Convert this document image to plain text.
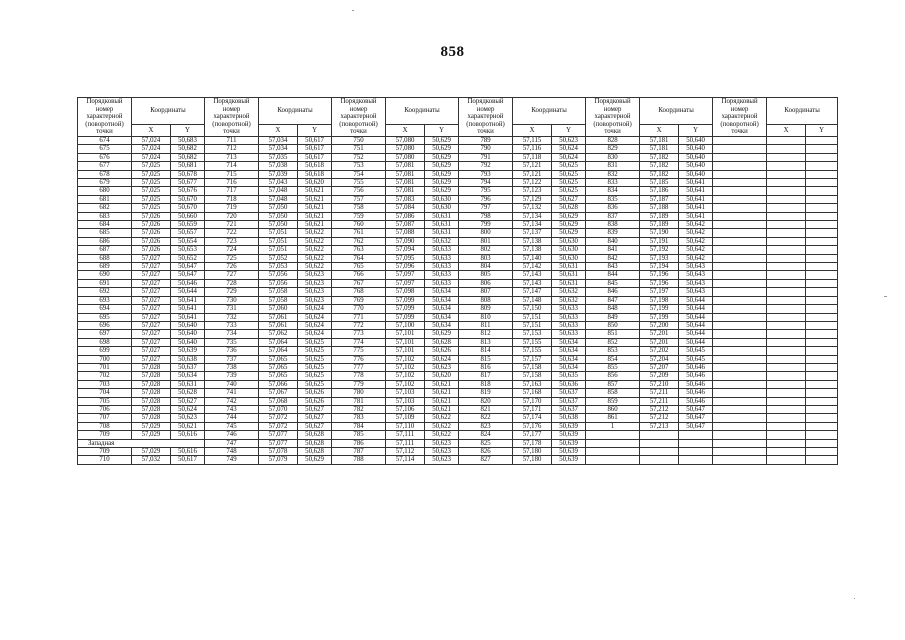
858
Порядковый номер характерной (поворотной) точки	Координаты		Порядковый номер характерной (поворотной) точки	Координаты		Порядковый номер характерной (поворотной) точки	Координаты		Порядковый номер характерной (поворотной) точки	Координаты		Порядковый номер характерной (поворотной) точки	Координаты		Порядковый номер характерной (поворотной) точки	Координаты	
	X	Y		X	Y		X	Y		X	Y		X	Y		X	Y
674	57,024	50,683	711	57,034	50,617	750	57,080	50,629	789	57,115	50,623	828	57,181	50,640			
675	57,024	50,682	712	57,034	50,617	751	57,080	50,629	790	57,116	50,624	829	57,181	50,640			
676	57,024	50,682	713	57,035	50,617	752	57,080	50,629	791	57,118	50,624	830	57,182	50,640			
677	57,025	50,681	714	57,038	50,618	753	57,081	50,629	792	57,121	50,625	831	57,182	50,640			
678	57,025	50,678	715	57,039	50,618	754	57,081	50,629	793	57,121	50,625	832	57,182	50,640			
679	57,025	50,677	716	57,043	50,620	755	57,081	50,629	794	57,122	50,625	833	57,185	50,641			
680	57,025	50,676	717	57,048	50,621	756	57,081	50,629	795	57,123	50,625	834	57,186	50,641			
681	57,025	50,670	718	57,048	50,621	757	57,083	50,630	796	57,129	50,627	835	57,187	50,641			
682	57,025	50,670	719	57,050	50,621	758	57,084	50,630	797	57,132	50,628	836	57,188	50,641			
683	57,026	50,660	720	57,050	50,621	759	57,086	50,631	798	57,134	50,629	837	57,189	50,641			
684	57,026	50,659	721	57,050	50,621	760	57,087	50,631	799	57,134	50,629	838	57,189	50,642			
685	57,026	50,657	722	57,051	50,622	761	57,088	50,631	800	57,137	50,629	839	57,190	50,642			
686	57,026	50,654	723	57,051	50,622	762	57,090	50,632	801	57,138	50,630	840	57,191	50,642			
687	57,026	50,653	724	57,051	50,622	763	57,094	50,633	802	57,138	50,630	841	57,192	50,642			
688	57,027	50,652	725	57,052	50,622	764	57,095	50,633	803	57,140	50,630	842	57,193	50,642			
689	57,027	50,647	726	57,053	50,622	765	57,096	50,633	804	57,142	50,631	843	57,194	50,643			
690	57,027	50,647	727	57,056	50,623	766	57,097	50,633	805	57,143	50,631	844	57,196	50,643			
691	57,027	50,646	728	57,056	50,623	767	57,097	50,633	806	57,143	50,631	845	57,196	50,643			
692	57,027	50,644	729	57,058	50,623	768	57,098	50,634	807	57,147	50,632	846	57,197	50,643			
693	57,027	50,641	730	57,058	50,623	769	57,099	50,634	808	57,148	50,632	847	57,198	50,644			
694	57,027	50,641	731	57,060	50,624	770	57,099	50,634	809	57,150	50,633	848	57,199	50,644			
695	57,027	50,641	732	57,061	50,624	771	57,099	50,634	810	57,151	50,633	849	57,199	50,644			
696	57,027	50,640	733	57,061	50,624	772	57,100	50,634	811	57,151	50,633	850	57,200	50,644			
697	57,027	50,640	734	57,062	50,624	773	57,101	50,629	812	57,153	50,633	851	57,201	50,644			
698	57,027	50,640	735	57,064	50,625	774	57,101	50,628	813	57,155	50,634	852	57,201	50,644			
699	57,027	50,639	736	57,064	50,625	775	57,101	50,626	814	57,155	50,634	853	57,202	50,645			
700	57,027	50,638	737	57,065	50,625	776	57,102	50,624	815	57,157	50,634	854	57,204	50,645			
701	57,028	50,637	738	57,065	50,625	777	57,102	50,623	816	57,158	50,634	855	57,207	50,646			
702	57,028	50,634	739	57,065	50,625	778	57,102	50,620	817	57,158	50,635	856	57,209	50,646			
703	57,028	50,631	740	57,066	50,625	779	57,102	50,621	818	57,163	50,636	857	57,210	50,646			
704	57,028	50,628	741	57,067	50,626	780	57,103	50,621	819	57,168	50,637	858	57,211	50,646			
705	57,028	50,627	742	57,068	50,626	781	57,103	50,621	820	57,170	50,637	859	57,211	50,646			
706	57,028	50,624	743	57,070	50,627	782	57,106	50,621	821	57,171	50,637	860	57,212	50,647			
707	57,028	50,623	744	57,072	50,627	783	57,109	50,622	822	57,174	50,638	861	57,212	50,647			
708	57,029	50,621	745	57,072	50,627	784	57,110	50,622	823	57,176	50,639	1	57,213	50,647			
709	57,029	50,616	746	57,077	50,628	785	57,111	50,622	824	57,177	50,639						
Западная			747	57,077	50,628	786	57,111	50,623	825	57,178	50,639						
709	57,029	50,616	748	57,078	50,628	787	57,112	50,623	826	57,180	50,639						
710	57,032	50,617	749	57,079	50,629	788	57,114	50,623	827	57,180	50,639						
